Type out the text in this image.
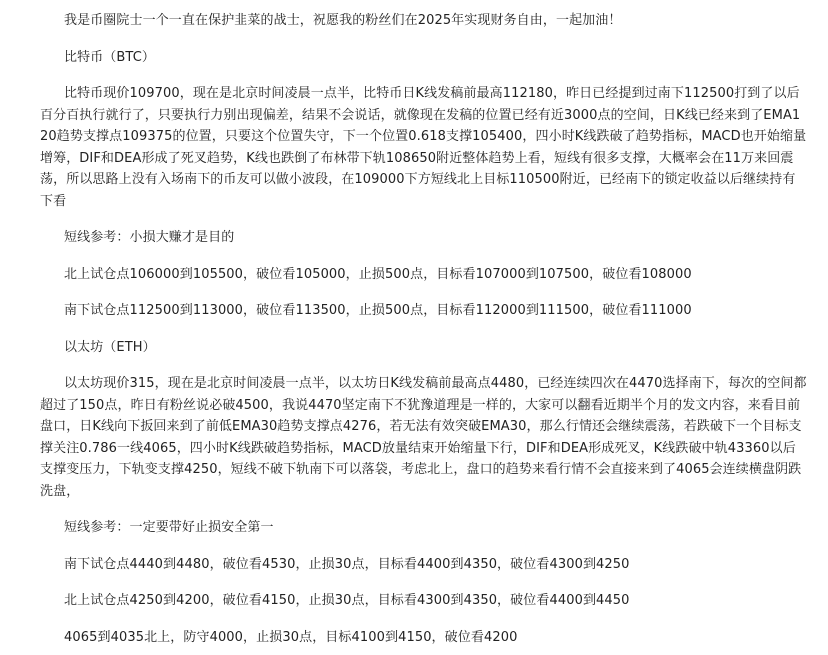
我是币圈院士一个一直在保护韭菜的战士，祝愿我的粉丝们在2025年实现财务自由，一起加油！

比特币（BTC）

比特币现价109700，现在是北京时间凌晨一点半，比特币日K线发稿前最高112180，昨日已经提到过南下112500打到了以后百分百执行就行了，只要执行力别出现偏差，结果不会说话，就像现在发稿的位置已经有近3000点的空间，日K线已经来到了EMA120趋势支撑点109375的位置，只要这个位置失守，下一个位置0.618支撑105400，四小时K线跌破了趋势指标，MACD也开始缩量增筹，DIF和DEA形成了死叉趋势，K线也跌倒了布林带下轨108650附近整体趋势上看，短线有很多支撑，大概率会在11万来回震荡，所以思路上没有入场南下的币友可以做小波段，在109000下方短线北上目标110500附近，已经南下的锁定收益以后继续持有下看

短线参考：小损大赚才是目的

北上试仓点106000到105500，破位看105000，止损500点，目标看107000到107500，破位看108000

南下试仓点112500到113000，破位看113500，止损500点，目标看112000到111500，破位看111000

以太坊（ETH）

以太坊现价315，现在是北京时间凌晨一点半，以太坊日K线发稿前最高点4480，已经连续四次在4470选择南下，每次的空间都超过了150点，昨日有粉丝说必破4500，我说4470坚定南下不犹豫道理是一样的，大家可以翻看近期半个月的发文内容，来看目前盘口，日K线向下扳回来到了前低EMA30趋势支撑点4276，若无法有效突破EMA30，那么行情还会继续震荡，若跌破下一个目标支撑关注0.786一线4065，四小时K线跌破趋势指标，MACD放量结束开始缩量下行，DIF和DEA形成死叉，K线跌破中轨43360以后支撑变压力，下轨变支撑4250，短线不破下轨南下可以落袋，考虑北上，盘口的趋势来看行情不会直接来到了4065会连续横盘阴跌洗盘，

短线参考：一定要带好止损安全第一

南下试仓点4440到4480，破位看4530，止损30点，目标看4400到4350，破位看4300到4250

北上试仓点4250到4200，破位看4150，止损30点，目标看4300到4350，破位看4400到4450

4065到4035北上，防守4000，止损30点，目标4100到4150，破位看4200
